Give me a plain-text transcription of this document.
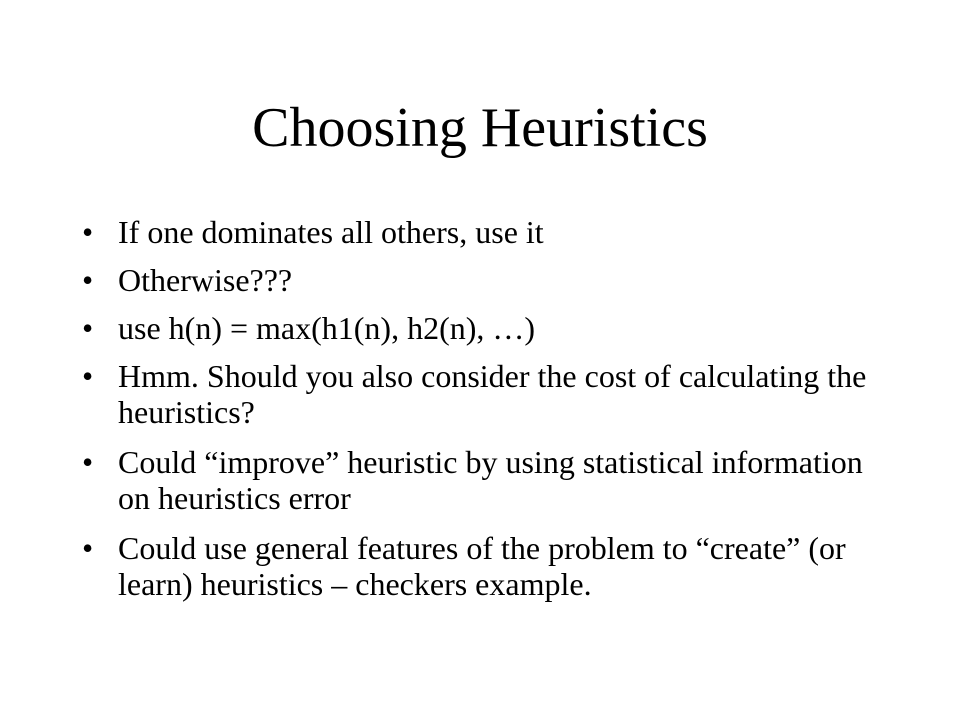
Choosing Heuristics
• If one dominates all others, use it
• Otherwise???
• use h(n) = max(h1(n), h2(n), …)
• Hmm. Should you also consider the cost of calculating the heuristics?
• Could “improve” heuristic by using statistical information on heuristics error
• Could use general features of the problem to “create” (or learn) heuristics – checkers example.
